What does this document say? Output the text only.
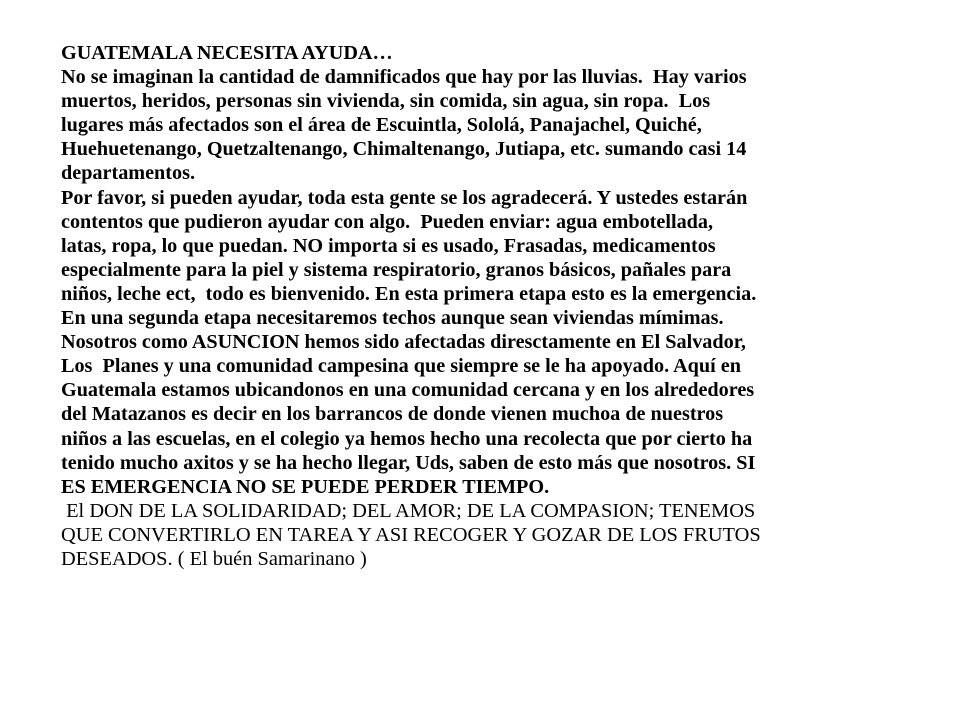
GUATEMALA NECESITA AYUDA…
No se imaginan la cantidad de damnificados que hay por las lluvias.  Hay varios
muertos, heridos, personas sin vivienda, sin comida, sin agua, sin ropa.  Los
lugares más afectados son el área de Escuintla, Sololá, Panajachel, Quiché,
Huehuetenango, Quetzaltenango, Chimaltenango, Jutiapa, etc. sumando casi 14
departamentos.
Por favor, si pueden ayudar, toda esta gente se los agradecerá. Y ustedes estarán
contentos que pudieron ayudar con algo.  Pueden enviar: agua embotellada,
latas, ropa, lo que puedan. NO importa si es usado, Frasadas, medicamentos
especialmente para la piel y sistema respiratorio, granos básicos, pañales para
niños, leche ect,  todo es bienvenido. En esta primera etapa esto es la emergencia.
En una segunda etapa necesitaremos techos aunque sean viviendas mímimas.
Nosotros como ASUNCION hemos sido afectadas diresctamente en El Salvador,
Los  Planes y una comunidad campesina que siempre se le ha apoyado. Aquí en
Guatemala estamos ubicandonos en una comunidad cercana y en los alrededores
del Matazanos es decir en los barrancos de donde vienen muchoa de nuestros
niños a las escuelas, en el colegio ya hemos hecho una recolecta que por cierto ha
tenido mucho axitos y se ha hecho llegar, Uds, saben de esto más que nosotros. SI
ES EMERGENCIA NO SE PUEDE PERDER TIEMPO.
El DON DE LA SOLIDARIDAD; DEL AMOR; DE LA COMPASION; TENEMOS
QUE CONVERTIRLO EN TAREA Y ASI RECOGER Y GOZAR DE LOS FRUTOS
DESEADOS. ( El buén Samarinano )
